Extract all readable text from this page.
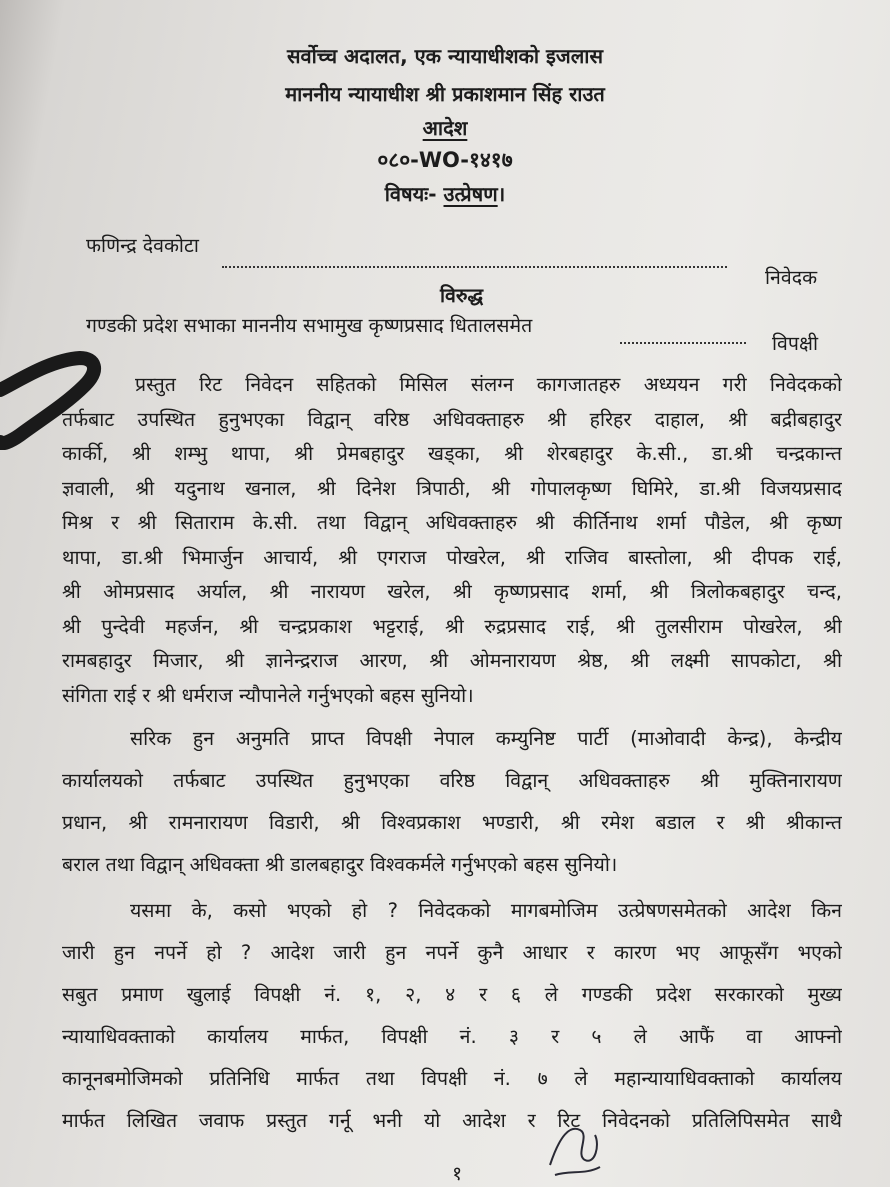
सर्वोच्च अदालत, एक न्यायाधीशको इजलास
माननीय न्यायाधीश श्री प्रकाशमान सिंह राउत
आदेश
०८०-WO-१४१७
विषयः- उत्प्रेषण।
फणिन्द्र देवकोटा
निवेदक
विरुद्ध
गण्डकी प्रदेश सभाका माननीय सभामुख कृष्णप्रसाद धितालसमेत
विपक्षी
प्रस्तुत रिट निवेदन सहितको मिसिल संलग्न कागजातहरु अध्ययन गरी निवेदकको
तर्फबाट उपस्थित हुनुभएका विद्वान् वरिष्ठ अधिवक्ताहरु श्री हरिहर दाहाल, श्री बद्रीबहादुर
कार्की, श्री शम्भु थापा, श्री प्रेमबहादुर खड्का, श्री शेरबहादुर के.सी., डा.श्री चन्द्रकान्त
ज्ञवाली, श्री यदुनाथ खनाल, श्री दिनेश त्रिपाठी, श्री गोपालकृष्ण घिमिरे, डा.श्री विजयप्रसाद
मिश्र र श्री सिताराम के.सी. तथा विद्वान् अधिवक्ताहरु श्री कीर्तिनाथ शर्मा पौडेल, श्री कृष्ण
थापा, डा.श्री भिमार्जुन आचार्य, श्री एगराज पोखरेल, श्री राजिव बास्तोला, श्री दीपक राई,
श्री ओमप्रसाद अर्याल, श्री नारायण खरेल, श्री कृष्णप्रसाद शर्मा, श्री त्रिलोकबहादुर चन्द,
श्री पुन्देवी महर्जन, श्री चन्द्रप्रकाश भट्टराई, श्री रुद्रप्रसाद राई, श्री तुलसीराम पोखरेल, श्री
रामबहादुर मिजार, श्री ज्ञानेन्द्रराज आरण, श्री ओमनारायण श्रेष्ठ, श्री लक्ष्मी सापकोटा, श्री
संगिता राई र श्री धर्मराज न्यौपानेले गर्नुभएको बहस सुनियो।
सरिक हुन अनुमति प्राप्त विपक्षी नेपाल कम्युनिष्ट पार्टी (माओवादी केन्द्र), केन्द्रीय
कार्यालयको तर्फबाट उपस्थित हुनुभएका वरिष्ठ विद्वान् अधिवक्ताहरु श्री मुक्तिनारायण
प्रधान, श्री रामनारायण विडारी, श्री विश्वप्रकाश भण्डारी, श्री रमेश बडाल र श्री श्रीकान्त
बराल तथा विद्वान् अधिवक्ता श्री डालबहादुर विश्वकर्मले गर्नुभएको बहस सुनियो।
यसमा के, कसो भएको हो ? निवेदकको मागबमोजिम उत्प्रेषणसमेतको आदेश किन
जारी हुन नपर्ने हो ? आदेश जारी हुन नपर्ने कुनै आधार र कारण भए आफूसँग भएको
सबुत प्रमाण खुलाई विपक्षी नं. १, २, ४ र ६ ले गण्डकी प्रदेश सरकारको मुख्य
न्यायाधिवक्ताको कार्यालय मार्फत, विपक्षी नं. ३ र ५ ले आफैं वा आफ्नो
कानूनबमोजिमको प्रतिनिधि मार्फत तथा विपक्षी नं. ७ ले महान्यायाधिवक्ताको कार्यालय
मार्फत लिखित जवाफ प्रस्तुत गर्नू भनी यो आदेश र रिट निवेदनको प्रतिलिपिसमेत साथै
१
